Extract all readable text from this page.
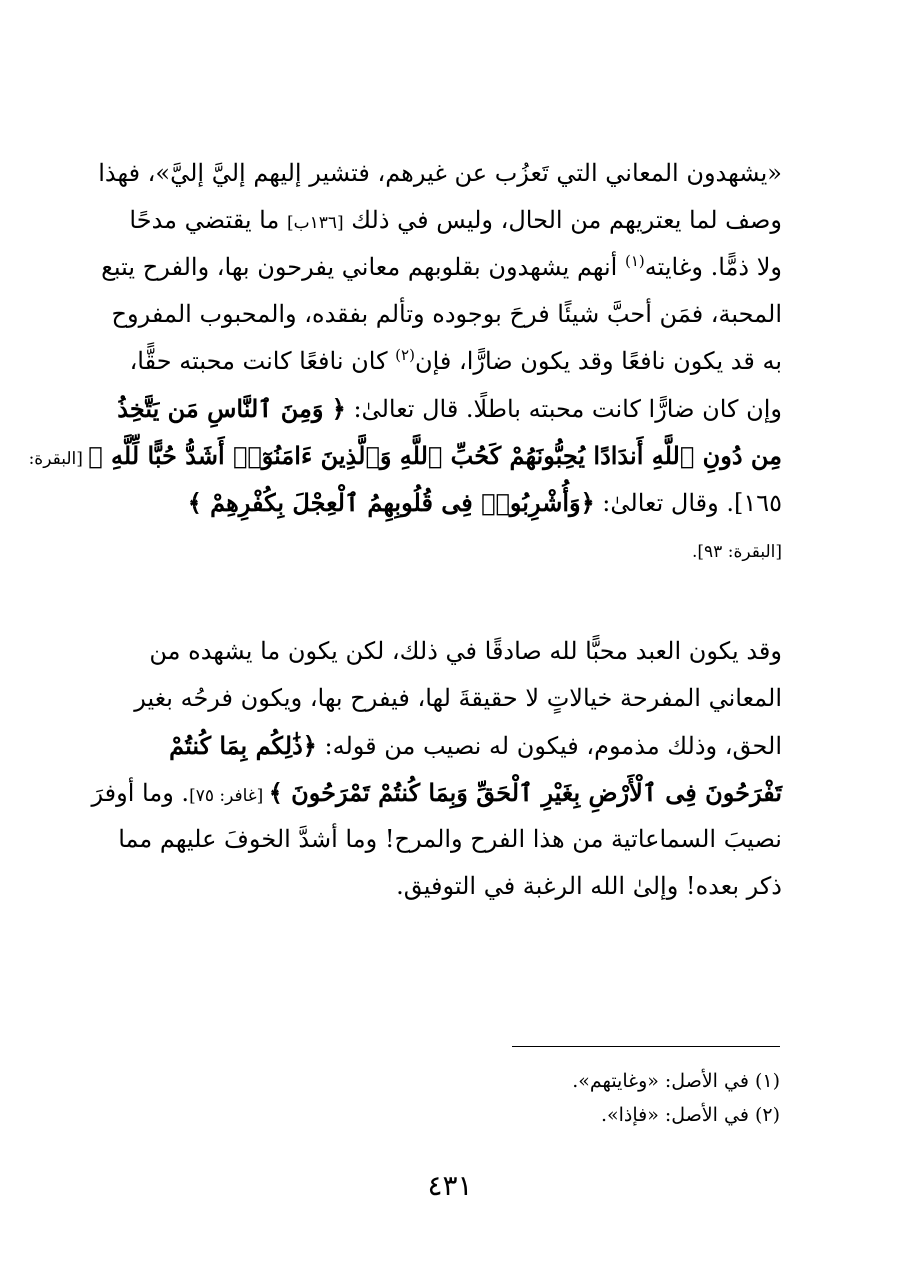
«يشهدون المعاني التي تَعزُب عن غيرهم، فتشير إليهم إليَّ إليَّ»، فهذا
وصف لما يعتريهم من الحال، وليس في ذلك [١٣٦ب] ما يقتضي مدحًا
ولا ذمًّا. وغايته$^{(١)}$ أنهم يشهدون بقلوبهم معاني يفرحون بها، والفرح يتبع
المحبة، فمَن أحبَّ شيئًا فرحَ بوجوده وتألم بفقده، والمحبوب المفروح
به قد يكون نافعًا وقد يكون ضارًّا، فإن$^{(٢)}$ كان نافعًا كانت محبته حقًّا،
وإن كان ضارًّا كانت محبته باطلًا. قال تعالىٰ: ﴿ وَمِنَ ٱلنَّاسِ مَن يَتَّخِذُ
مِن دُونِ ٱللَّهِ أَندَادًا يُحِبُّونَهُمْ كَحُبِّ ٱللَّهِ وَٱلَّذِينَ ءَامَنُوٓا۟ أَشَدُّ حُبًّا لِّلَّهِ ﴾ [البقرة:
١٦٥]. وقال تعالىٰ: ﴿وَأُشْرِبُوا۟ فِى قُلُوبِهِمُ ٱلْعِجْلَ بِكُفْرِهِمْ ﴾
[البقرة: ٩٣].
وقد يكون العبد محبًّا لله صادقًا في ذلك، لكن يكون ما يشهده من
المعاني المفرحة خيالاتٍ لا حقيقةَ لها، فيفرح بها، ويكون فرحُه بغير
الحق، وذلك مذموم، فيكون له نصيب من قوله: ﴿ذَٰلِكُم بِمَا كُنتُمْ
تَفْرَحُونَ فِى ٱلْأَرْضِ بِغَيْرِ ٱلْحَقِّ وَبِمَا كُنتُمْ تَمْرَحُونَ ﴾ [غافر: ٧٥]. وما أوفرَ
نصيبَ السماعاتية من هذا الفرح والمرح! وما أشدَّ الخوفَ عليهم مما
ذكر بعده! وإلىٰ الله الرغبة في التوفيق.
(١) في الأصل: «وغايتهم».
(٢) في الأصل: «فإذا».
٤٣١
